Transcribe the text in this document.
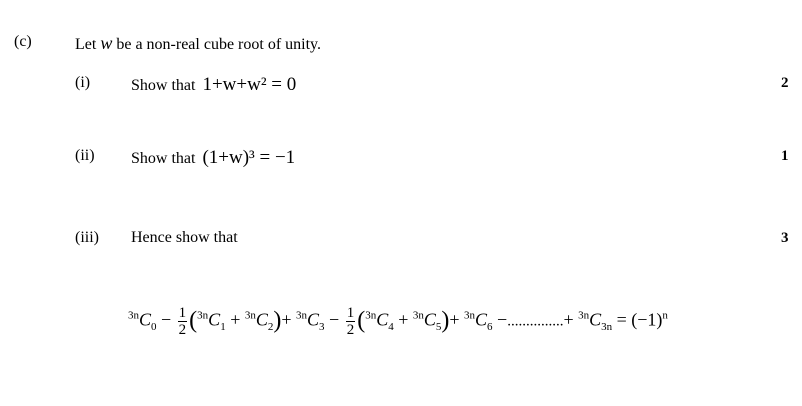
(c)	Let w be a non-real cube root of unity.
(i)	Show that 1+w+w² = 0	2
(ii) Show that (1+w)³ = −1	1
(iii) Hence show that	3
$^{3n}C_0 - \frac{1}{2} (^{3n}C_1 + ^{3n}C_2)+ ^{3n}C_3 - \frac{1}{2} (^{3n}C_4 + ^{3n}C_5)+ ^{3n}C_6$ −...............+ $^{3n}C_{3n} = (-1)^n$
